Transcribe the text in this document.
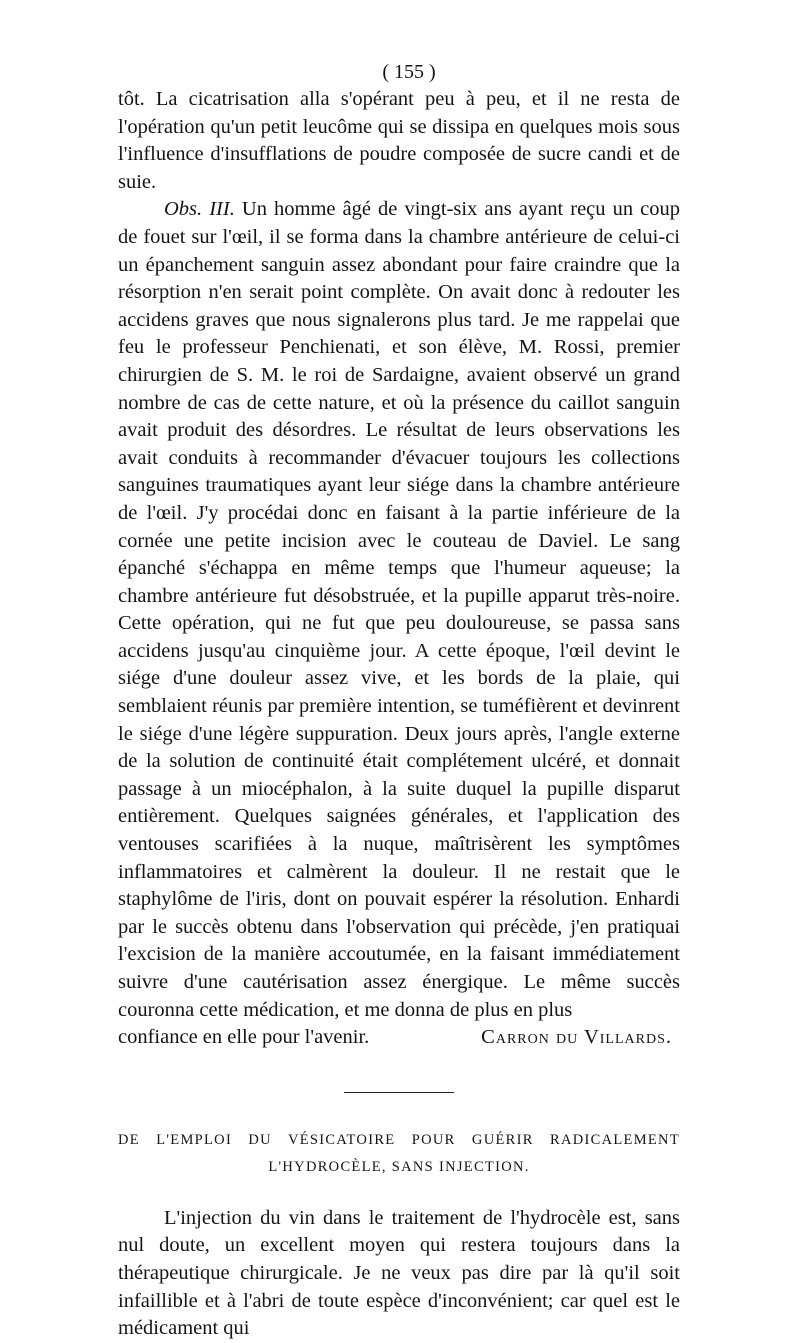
( 155 )

tôt. La cicatrisation alla s'opérant peu à peu, et il ne resta de l'opération qu'un petit leucôme qui se dissipa en quelques mois sous l'influence d'insufflations de poudre composée de sucre candi et de suie.

Obs. III. Un homme âgé de vingt-six ans ayant reçu un coup de fouet sur l'œil, il se forma dans la chambre antérieure de celui-ci un épanchement sanguin assez abondant pour faire craindre que la résorption n'en serait point complète. On avait donc à redouter les accidens graves que nous signalerons plus tard. Je me rappelai que feu le professeur Penchienati, et son élève, M. Rossi, premier chirurgien de S. M. le roi de Sardaigne, avaient observé un grand nombre de cas de cette nature, et où la présence du caillot sanguin avait produit des désordres. Le résultat de leurs observations les avait conduits à recommander d'évacuer toujours les collections sanguines traumatiques ayant leur siége dans la chambre antérieure de l'œil. J'y procédai donc en faisant à la partie inférieure de la cornée une petite incision avec le couteau de Daviel. Le sang épanché s'échappa en même temps que l'humeur aqueuse; la chambre antérieure fut désobstruée, et la pupille apparut très-noire. Cette opération, qui ne fut que peu douloureuse, se passa sans accidens jusqu'au cinquième jour. A cette époque, l'œil devint le siége d'une douleur assez vive, et les bords de la plaie, qui semblaient réunis par première intention, se tuméfièrent et devinrent le siége d'une légère suppuration. Deux jours après, l'angle externe de la solution de continuité était complétement ulcéré, et donnait passage à un miocéphalon, à la suite duquel la pupille disparut entièrement. Quelques saignées générales, et l'application des ventouses scarifiées à la nuque, maîtrisèrent les symptômes inflammatoires et calmèrent la douleur. Il ne restait que le staphylôme de l'iris, dont on pouvait espérer la résolution. Enhardi par le succès obtenu dans l'observation qui précède, j'en pratiquai l'excision de la manière accoutumée, en la faisant immédiatement suivre d'une cautérisation assez énergique. Le même succès couronna cette médication, et me donna de plus en plus

confiance en elle pour l'avenir.	Carron du Villards.
DE L'EMPLOI DU VÉSICATOIRE POUR GUÉRIR RADICALEMENT
L'HYDROCÈLE, SANS INJECTION.

L'injection du vin dans le traitement de l'hydrocèle est, sans nul doute, un excellent moyen qui restera toujours dans la thérapeutique chirurgicale. Je ne veux pas dire par là qu'il soit infaillible et à l'abri de toute espèce d'inconvénient; car quel est le médicament qui
